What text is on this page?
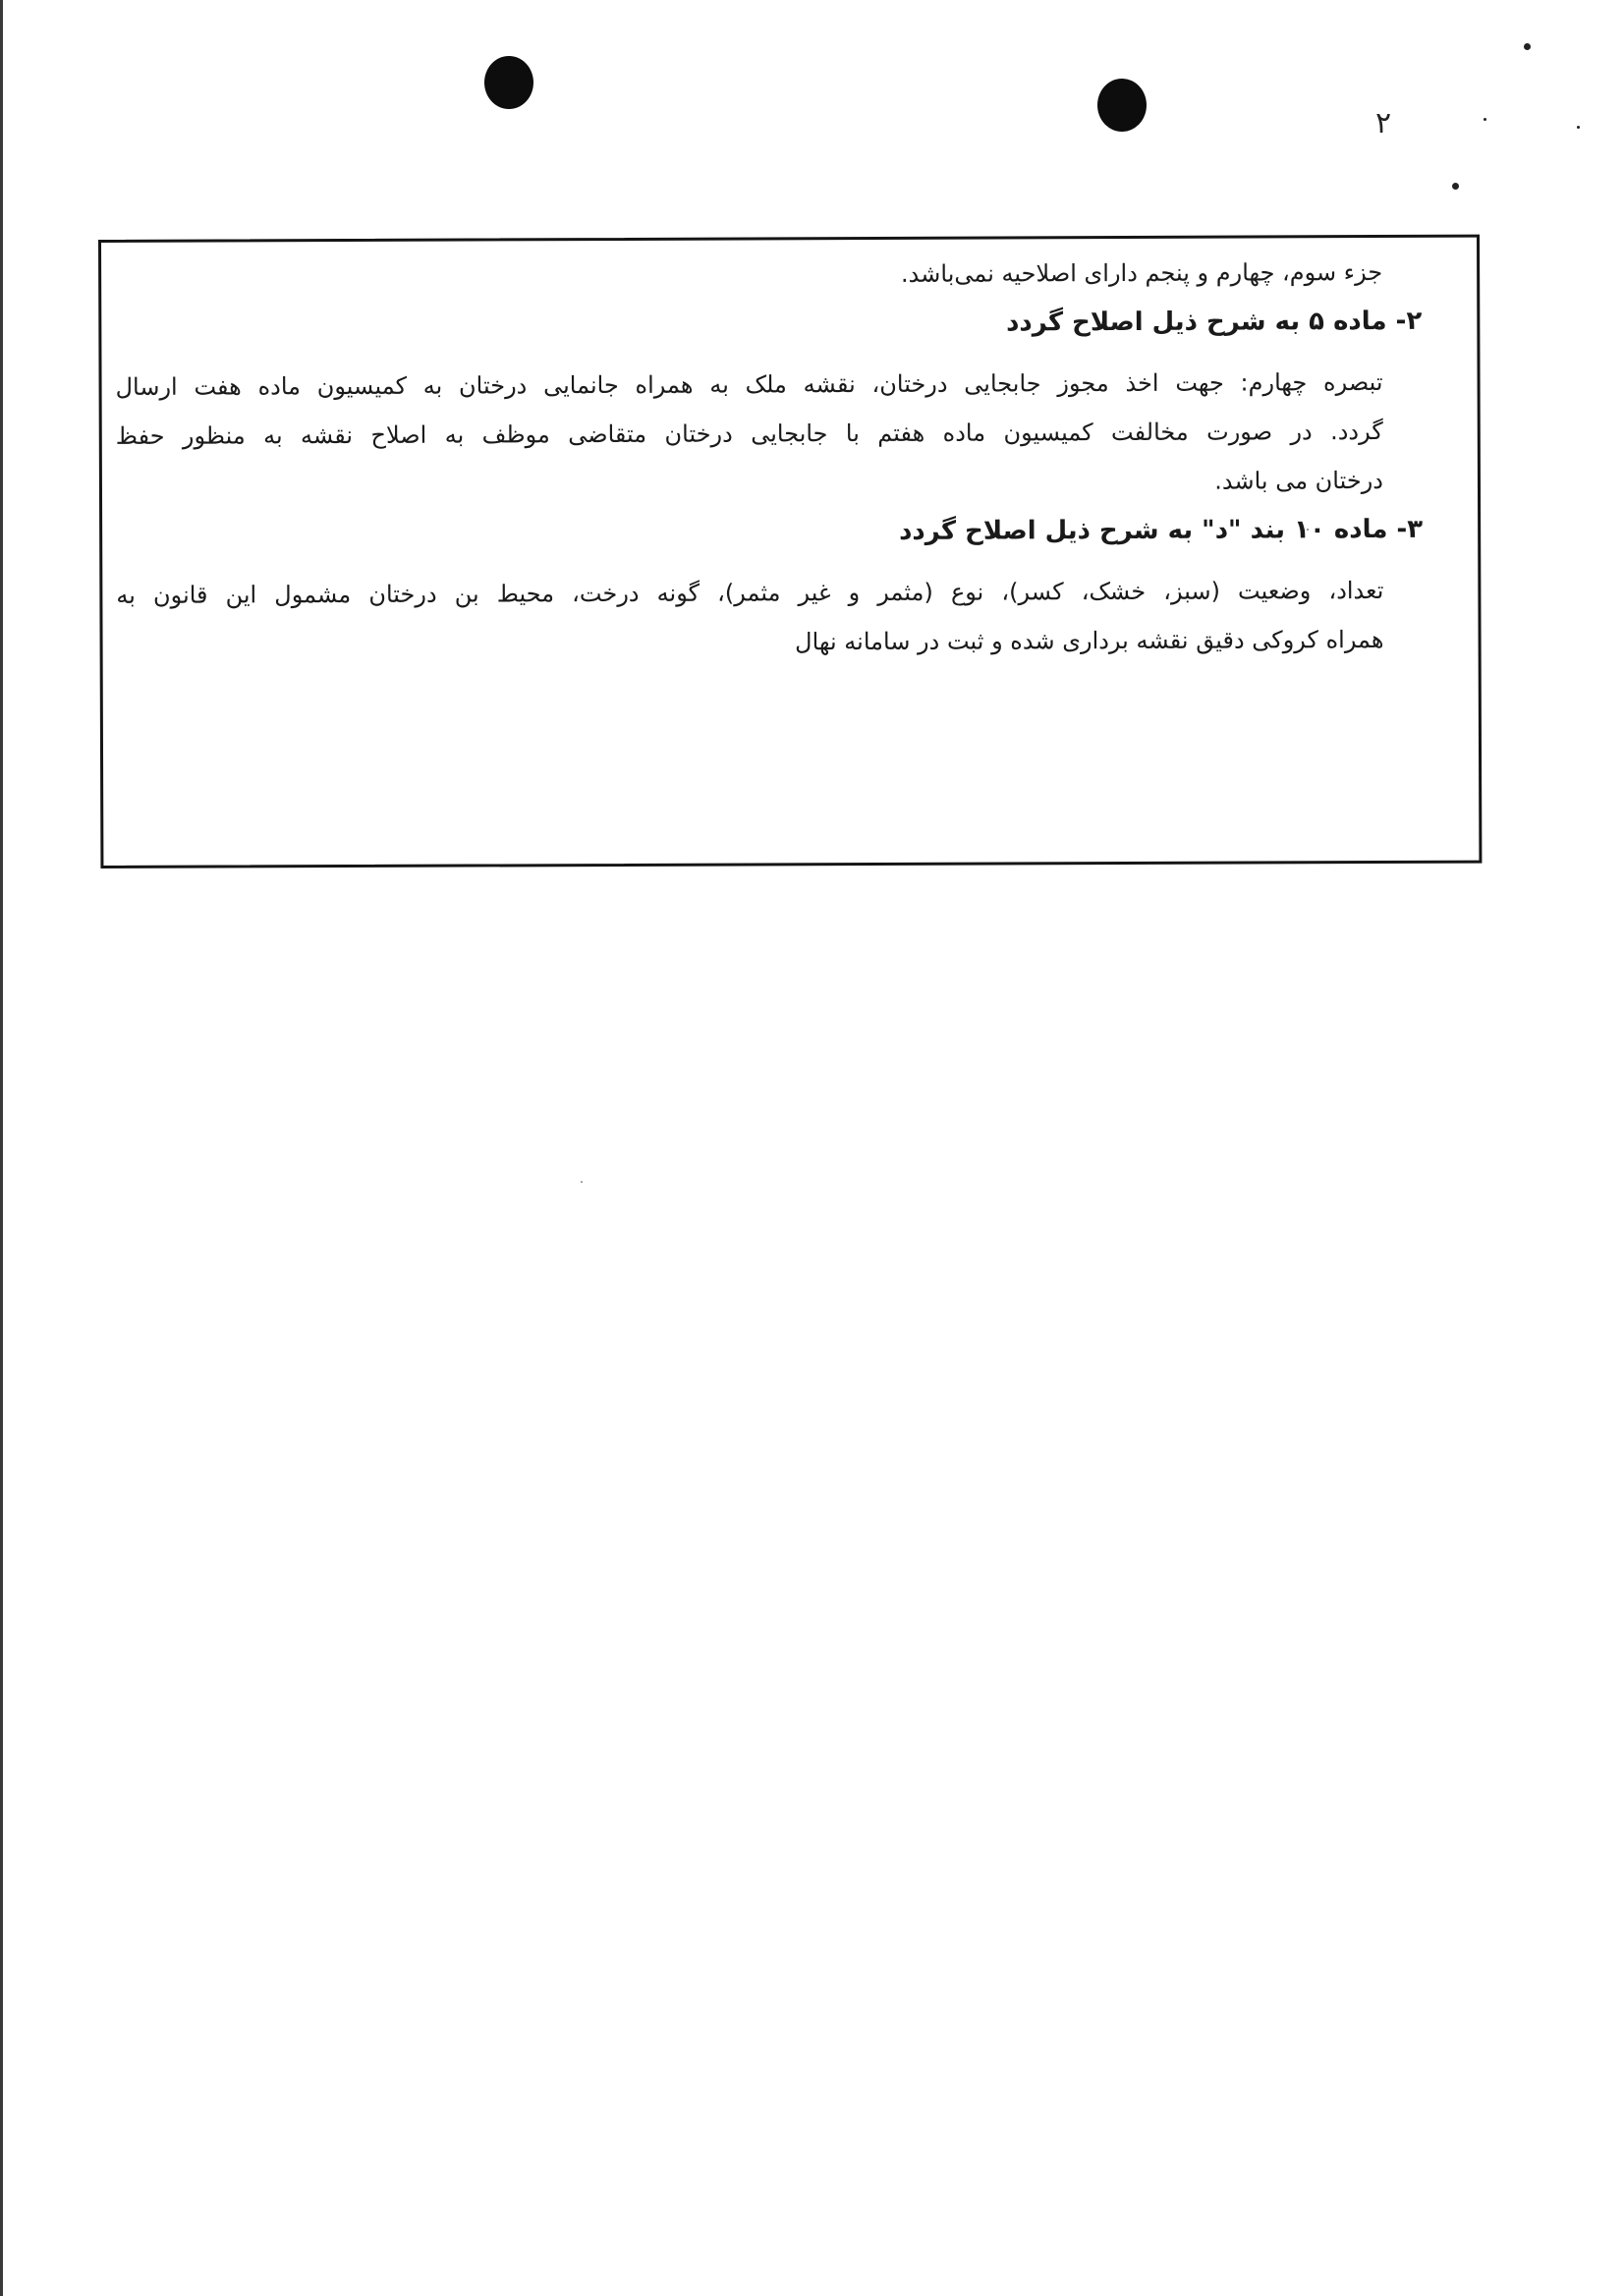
۲
جزء سوم، چهارم و پنجم دارای اصلاحیه نمی‌باشد.
۲- ماده ۵ به شرح ذیل اصلاح گردد
تبصره چهارم: جهت اخذ مجوز جابجایی درختان، نقشه ملک به همراه جانمایی درختان به کمیسیون ماده هفت ارسال
گردد. در صورت مخالفت کمیسیون ماده هفتم با جابجایی درختان متقاضی موظف به اصلاح نقشه به منظور حفظ
درختان می باشد.
۳- ماده ۱۰ بند "د" به شرح ذیل اصلاح گردد
تعداد، وضعیت (سبز، خشک، کسر)، نوع (مثمر و غیر مثمر)، گونه درخت، محیط بن درختان مشمول این قانون به
همراه کروکی دقیق نقشه برداری شده و ثبت در سامانه نهال
